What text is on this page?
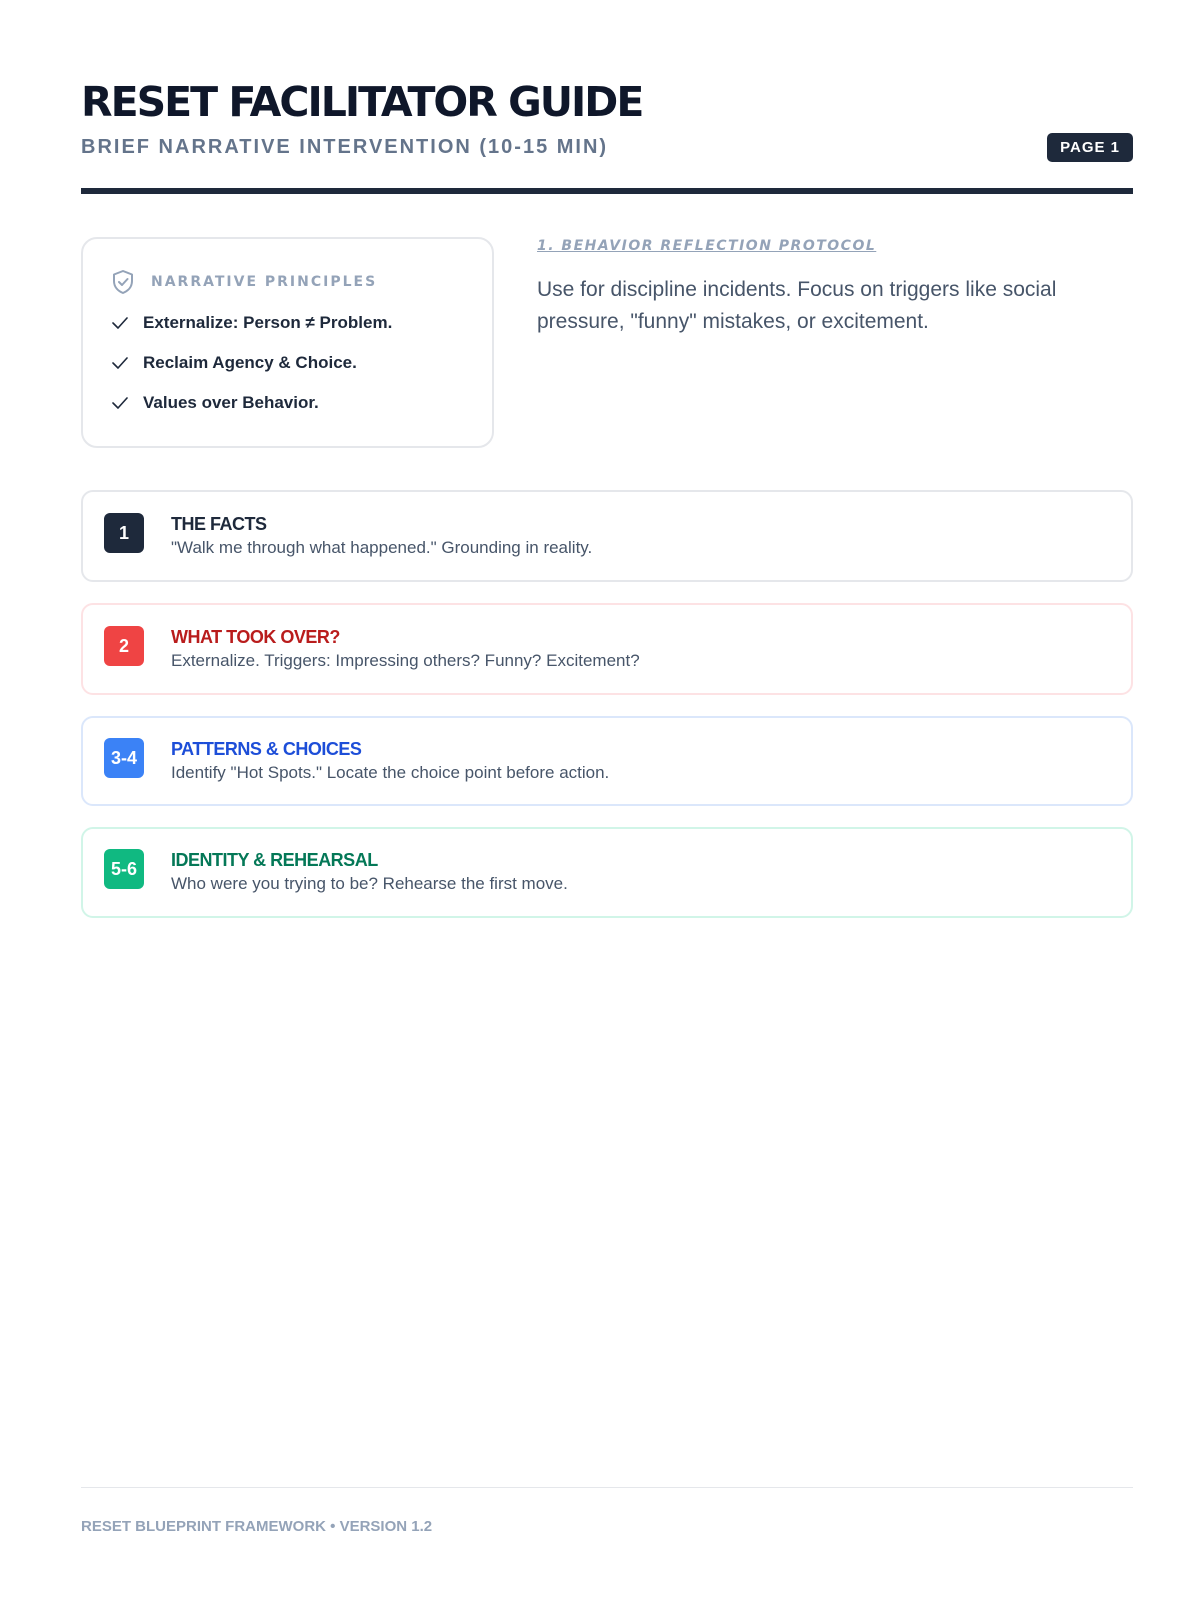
RESET FACILITATOR GUIDE
BRIEF NARRATIVE INTERVENTION (10-15 MIN)	PAGE 1
NARRATIVE PRINCIPLES
Externalize: Person ≠ Problem.
Reclaim Agency & Choice.
Values over Behavior.
1. BEHAVIOR REFLECTION PROTOCOL

Use for discipline incidents. Focus on triggers like social pressure, "funny" mistakes, or excitement.

1	THE FACTS
"Walk me through what happened." Grounding in reality.
2	WHAT TOOK OVER?
Externalize. Triggers: Impressing others? Funny? Excitement?
3-4	PATTERNS & CHOICES
Identify "Hot Spots." Locate the choice point before action.
5-6	IDENTITY & REHEARSAL
Who were you trying to be? Rehearse the first move.
RESET BLUEPRINT FRAMEWORK • VERSION 1.2
